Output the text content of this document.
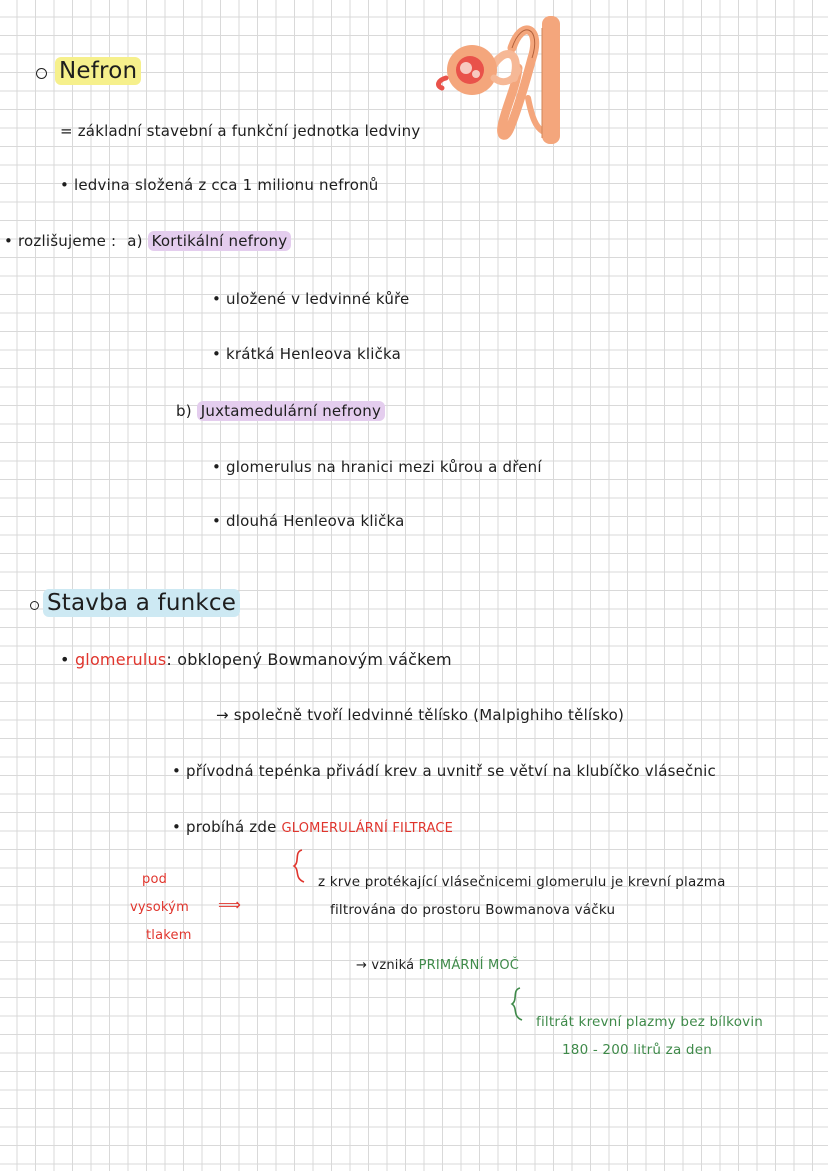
Nefron
= základní stavební a funkční jednotka ledviny
• ledvina složená z cca 1 milionu nefronů
• rozlišujeme : a) Kortikální nefrony
• uložené v ledvinné kůře
• krátká Henleova klička
b) Juxtamedulární nefrony
• glomerulus na hranici mezi kůrou a dření
• dlouhá Henleova klička
Stavba a funkce
• glomerulus: obklopený Bowmanovým váčkem
→ společně tvoří ledvinné tělísko (Malpighiho tělísko)
• přívodná tepénka přivádí krev a uvnitř se větví na klubíčko vlásečnic
• probíhá zde GLOMERULÁRNÍ FILTRACE
pod
vysokým
tlakem
⟹
z krve protékající vlásečnicemi glomerulu je krevní plazma
filtrována do prostoru Bowmanova váčku
→ vzniká PRIMÁRNÍ MOČ
filtrát krevní plazmy bez bílkovin
180 - 200 litrů za den
